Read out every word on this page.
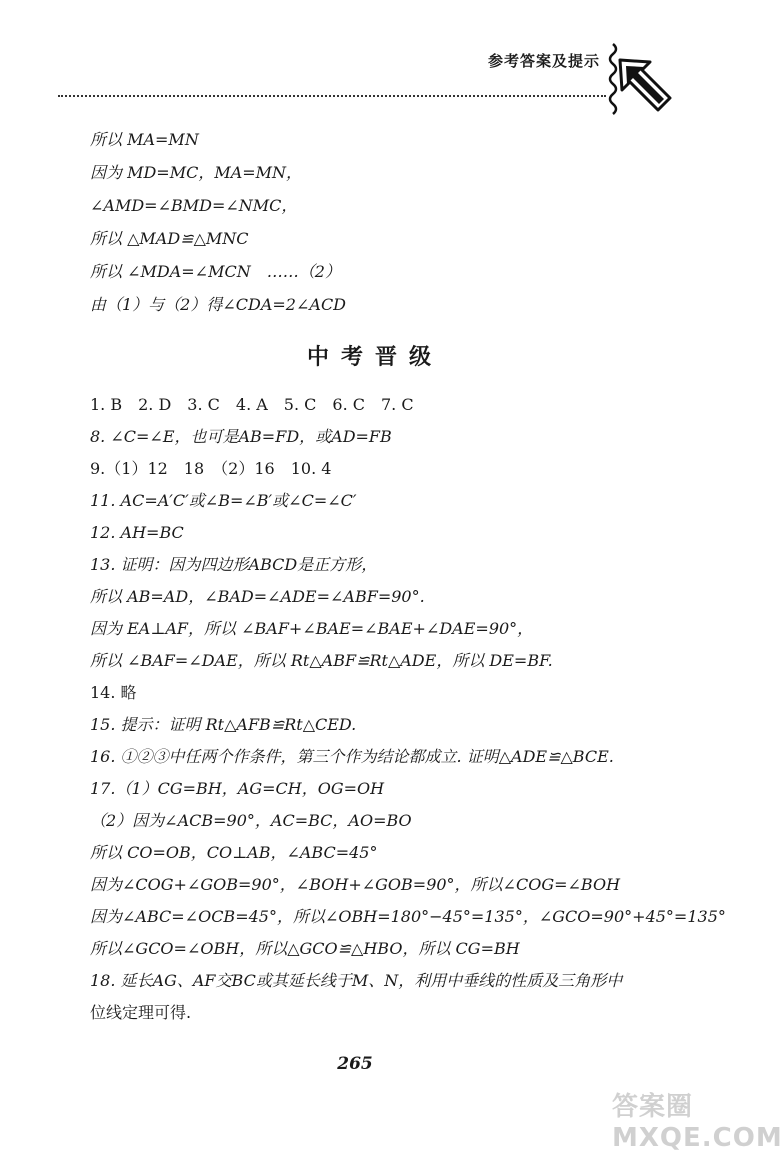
参考答案及提示
所以 MA=MN
因为 MD=MC，MA=MN，
∠AMD=∠BMD=∠NMC，
所以 △MAD≌△MNC
所以 ∠MDA=∠MCN　……（2）
由（1）与（2）得∠CDA=2∠ACD
中考晋级
1. B　2. D　3. C　4. A　5. C　6. C　7. C
8. ∠C=∠E，也可是AB=FD，或AD=FB
9.（1）12　18　（2）16　10. 4
11. AC=A′C′或∠B=∠B′或∠C=∠C′
12. AH=BC
13. 证明：因为四边形ABCD是正方形，
所以 AB=AD，∠BAD=∠ADE=∠ABF=90°.
因为 EA⊥AF，所以 ∠BAF+∠BAE=∠BAE+∠DAE=90°，
所以 ∠BAF=∠DAE，所以 Rt△ABF≌Rt△ADE，所以 DE=BF.
14. 略
15. 提示：证明 Rt△AFB≌Rt△CED.
16. ①②③中任两个作条件，第三个作为结论都成立. 证明△ADE≌△BCE.
17.（1）CG=BH，AG=CH，OG=OH
（2）因为∠ACB=90°，AC=BC，AO=BO
所以 CO=OB，CO⊥AB，∠ABC=45°
因为∠COG+∠GOB=90°，∠BOH+∠GOB=90°，所以∠COG=∠BOH
因为∠ABC=∠OCB=45°，所以∠OBH=180°−45°=135°，∠GCO=90°+45°=135°
所以∠GCO=∠OBH，所以△GCO≌△HBO，所以 CG=BH
18. 延长AG、AF交BC或其延长线于M、N，利用中垂线的性质及三角形中
位线定理可得.
265
答案圈 MXQE.COM
